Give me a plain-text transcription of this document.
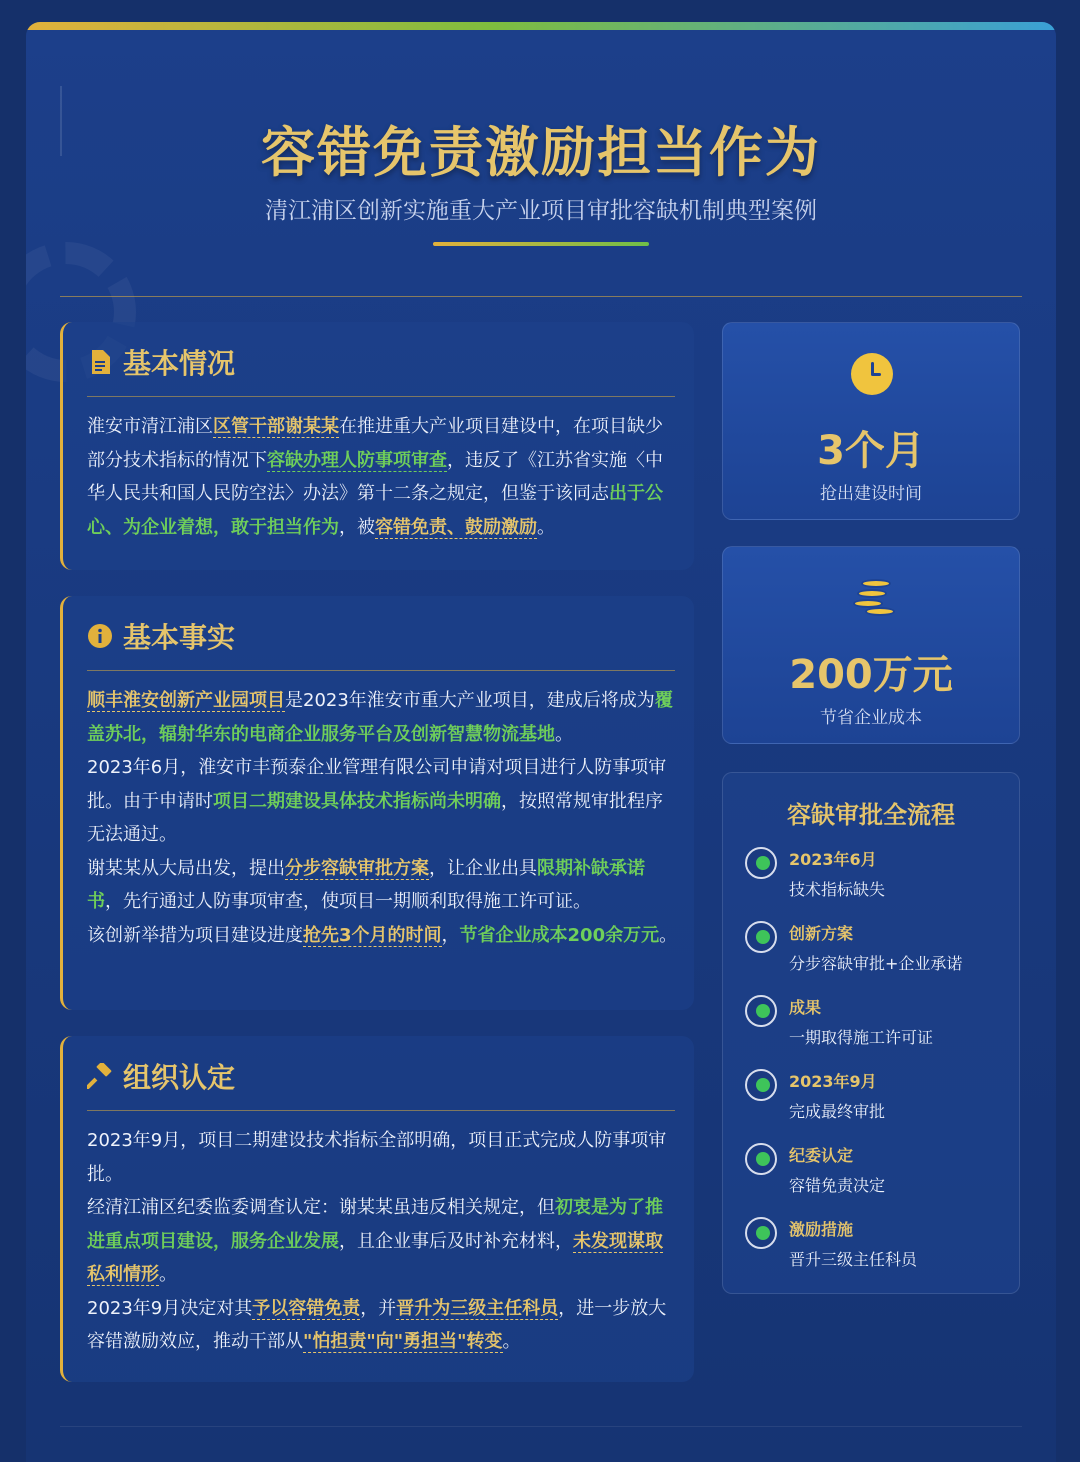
容错免责激励担当作为
清江浦区创新实施重大产业项目审批容缺机制典型案例
基本情况

淮安市清江浦区区管干部谢某某在推进重大产业项目建设中，在项目缺少部分技术指标的情况下容缺办理人防事项审查，违反了《江苏省实施〈中华人民共和国人民防空法〉办法》第十二条之规定，但鉴于该同志出于公心、为企业着想，敢于担当作为，被容错免责、鼓励激励。

基本事实

顺丰淮安创新产业园项目是2023年淮安市重大产业项目，建成后将成为覆盖苏北，辐射华东的电商企业服务平台及创新智慧物流基地。

2023年6月，淮安市丰预泰企业管理有限公司申请对项目进行人防事项审批。由于申请时项目二期建设具体技术指标尚未明确，按照常规审批程序无法通过。

谢某某从大局出发，提出分步容缺审批方案，让企业出具限期补缺承诺书，先行通过人防事项审查，使项目一期顺利取得施工许可证。

该创新举措为项目建设进度抢先3个月的时间，节省企业成本200余万元。

组织认定

2023年9月，项目二期建设技术指标全部明确，项目正式完成人防事项审批。

经清江浦区纪委监委调查认定：谢某某虽违反相关规定，但初衷是为了推进重点项目建设，服务企业发展，且企业事后及时补充材料，未发现谋取私利情形。

2023年9月决定对其予以容错免责，并晋升为三级主任科员，进一步放大容错激励效应，推动干部从"怕担责"向"勇担当"转变。

3个月
抢出建设时间
200万元
节省企业成本
容缺审批全流程
2023年6月
技术指标缺失
创新方案
分步容缺审批+企业承诺
成果
一期取得施工许可证
2023年9月
完成最终审批
纪委认定
容错免责决定
激励措施
晋升三级主任科员
